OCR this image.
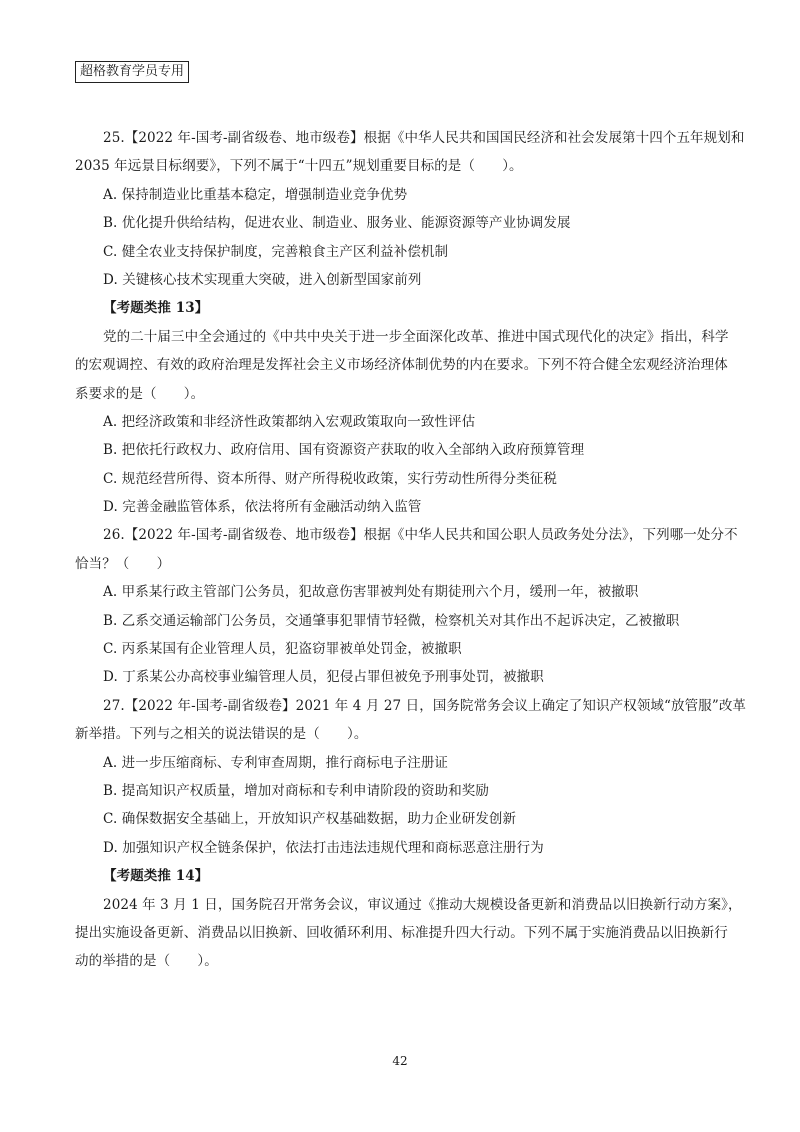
超格教育学员专用
25.【2022 年-国考-副省级卷、地市级卷】根据《中华人民共和国国民经济和社会发展第十四个五年规划和
2035 年远景目标纲要》，下列不属于“十四五”规划重要目标的是（　　）。
A. 保持制造业比重基本稳定，增强制造业竞争优势
B. 优化提升供给结构，促进农业、制造业、服务业、能源资源等产业协调发展
C. 健全农业支持保护制度，完善粮食主产区利益补偿机制
D. 关键核心技术实现重大突破，进入创新型国家前列
【考题类推 13】
党的二十届三中全会通过的《中共中央关于进一步全面深化改革、推进中国式现代化的决定》指出，科学
的宏观调控、有效的政府治理是发挥社会主义市场经济体制优势的内在要求。下列不符合健全宏观经济治理体
系要求的是（　　）。
A. 把经济政策和非经济性政策都纳入宏观政策取向一致性评估
B. 把依托行政权力、政府信用、国有资源资产获取的收入全部纳入政府预算管理
C. 规范经营所得、资本所得、财产所得税收政策，实行劳动性所得分类征税
D. 完善金融监管体系，依法将所有金融活动纳入监管
26.【2022 年-国考-副省级卷、地市级卷】根据《中华人民共和国公职人员政务处分法》，下列哪一处分不
恰当？（　　）
A. 甲系某行政主管部门公务员，犯故意伤害罪被判处有期徒刑六个月，缓刑一年，被撤职
B. 乙系交通运输部门公务员，交通肇事犯罪情节轻微，检察机关对其作出不起诉决定，乙被撤职
C. 丙系某国有企业管理人员，犯盗窃罪被单处罚金，被撤职
D. 丁系某公办高校事业编管理人员，犯侵占罪但被免予刑事处罚，被撤职
27.【2022 年-国考-副省级卷】2021 年 4 月 27 日，国务院常务会议上确定了知识产权领域“放管服”改革
新举措。下列与之相关的说法错误的是（　　）。
A. 进一步压缩商标、专利审查周期，推行商标电子注册证
B. 提高知识产权质量，增加对商标和专利申请阶段的资助和奖励
C. 确保数据安全基础上，开放知识产权基础数据，助力企业研发创新
D. 加强知识产权全链条保护，依法打击违法违规代理和商标恶意注册行为
【考题类推 14】
2024 年 3 月 1 日，国务院召开常务会议，审议通过《推动大规模设备更新和消费品以旧换新行动方案》，
提出实施设备更新、消费品以旧换新、回收循环利用、标准提升四大行动。下列不属于实施消费品以旧换新行
动的举措的是（　　）。
42
